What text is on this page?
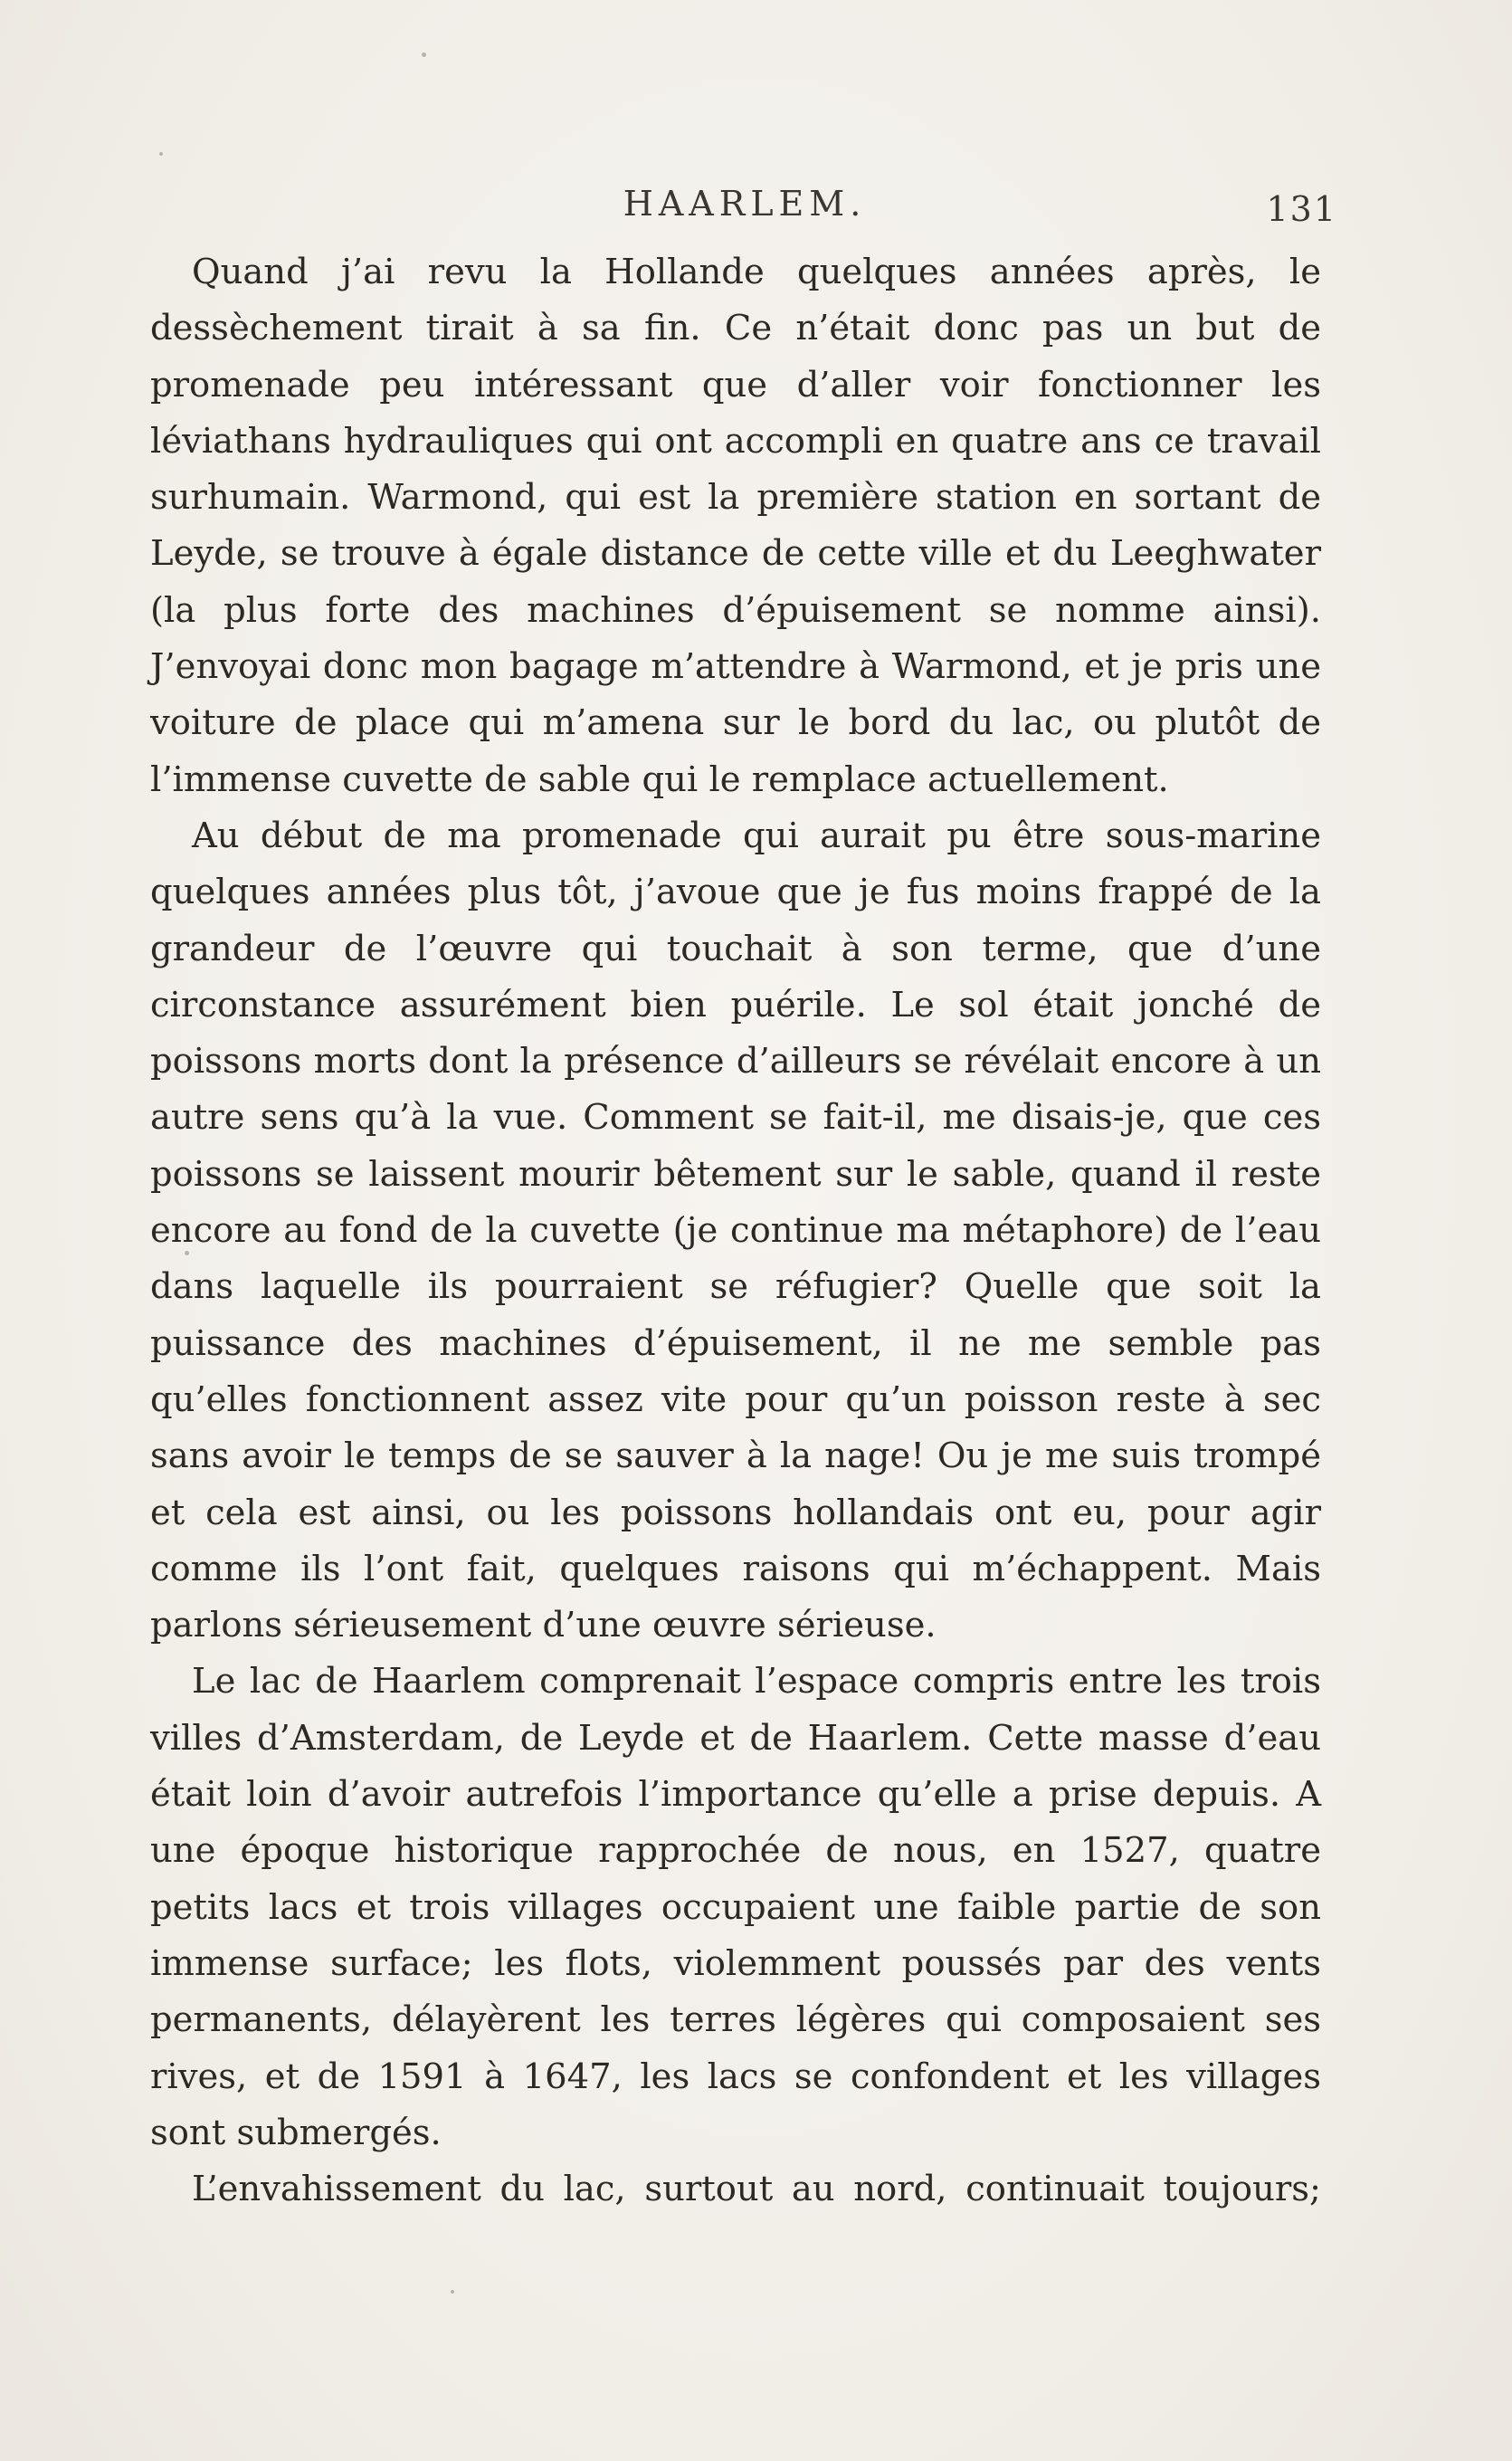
HAARLEM.	131

Quand j’ai revu la Hollande quelques années après, le dessèchement tirait à sa fin. Ce n’était donc pas un but de promenade peu intéressant que d’aller voir fonctionner les léviathans hydrauliques qui ont accompli en quatre ans ce travail surhumain. Warmond, qui est la première station en sortant de Leyde, se trouve à égale distance de cette ville et du Leeghwater (la plus forte des machines d’épuisement se nomme ainsi). J’envoyai donc mon bagage m’attendre à Warmond, et je pris une voiture de place qui m’amena sur le bord du lac, ou plutôt de l’immense cuvette de sable qui le remplace actuellement.

Au début de ma promenade qui aurait pu être sous-marine quelques années plus tôt, j’avoue que je fus moins frappé de la grandeur de l’œuvre qui touchait à son terme, que d’une circonstance assurément bien puérile. Le sol était jonché de poissons morts dont la présence d’ailleurs se révélait encore à un autre sens qu’à la vue. Comment se fait-il, me disais-je, que ces poissons se laissent mourir bêtement sur le sable, quand il reste encore au fond de la cuvette (je continue ma métaphore) de l’eau dans laquelle ils pourraient se réfugier? Quelle que soit la puissance des machines d’épuisement, il ne me semble pas qu’elles fonctionnent assez vite pour qu’un poisson reste à sec sans avoir le temps de se sauver à la nage! Ou je me suis trompé et cela est ainsi, ou les poissons hollandais ont eu, pour agir comme ils l’ont fait, quelques raisons qui m’échappent. Mais parlons sérieusement d’une œuvre sérieuse.

Le lac de Haarlem comprenait l’espace compris entre les trois villes d’Amsterdam, de Leyde et de Haarlem. Cette masse d’eau était loin d’avoir autrefois l’importance qu’elle a prise depuis. A une époque historique rapprochée de nous, en 1527, quatre petits lacs et trois villages occupaient une faible partie de son immense surface; les flots, violemment poussés par des vents permanents, délayèrent les terres légères qui composaient ses rives, et de 1591 à 1647, les lacs se confondent et les villages sont submergés.

L’envahissement du lac, surtout au nord, continuait toujours;
